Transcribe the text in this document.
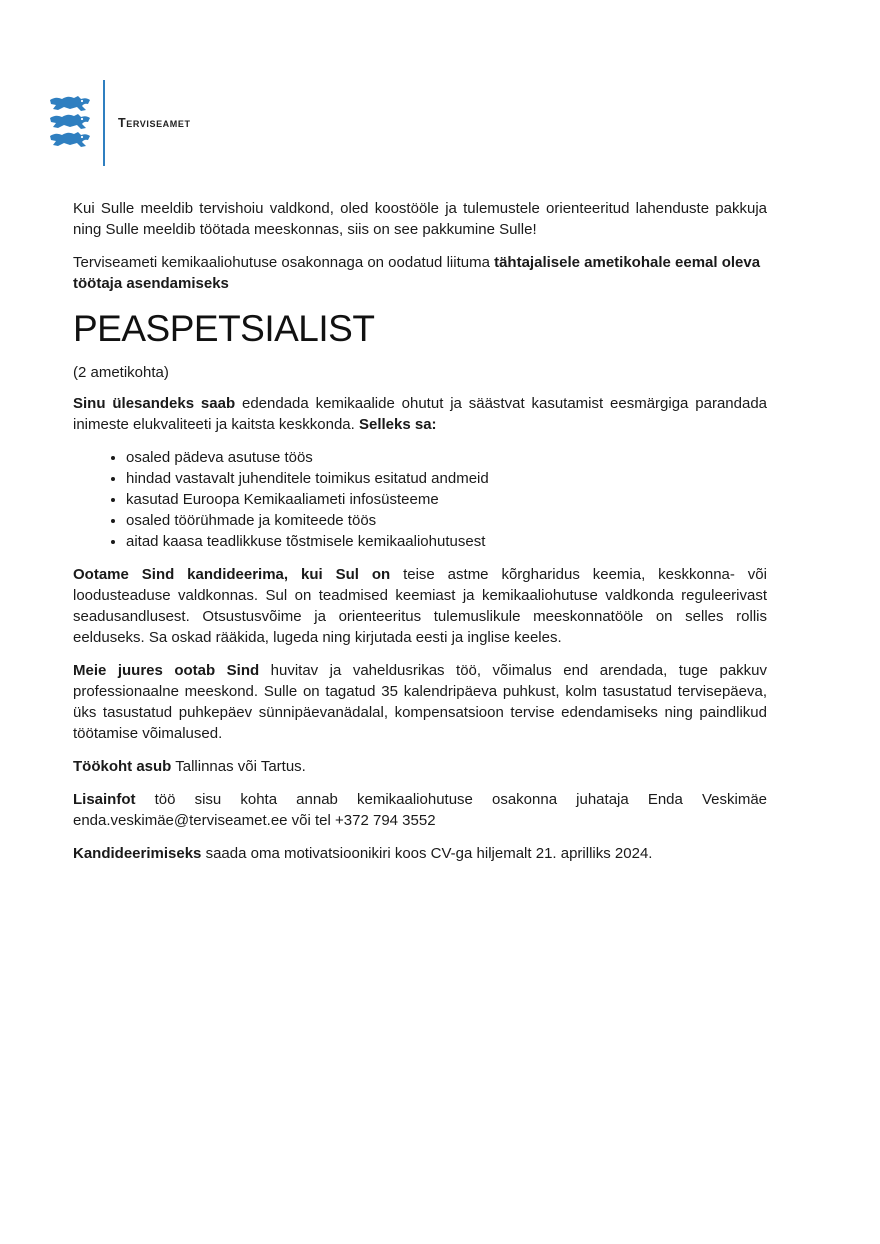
Terviseamet

Kui Sulle meeldib tervishoiu valdkond, oled koostööle ja tulemustele orienteeritud lahenduste pakkuja ning Sulle meeldib töötada meeskonnas, siis on see pakkumine Sulle!

Terviseameti kemikaaliohutuse osakonnaga on oodatud liituma tähtajalisele ametikohale eemal oleva töötaja asendamiseks

PEASPETSIALIST

(2 ametikohta)

Sinu ülesandeks saab edendada kemikaalide ohutut ja säästvat kasutamist eesmärgiga parandada inimeste elukvaliteeti ja kaitsta keskkonda. Selleks sa:

• osaled pädeva asutuse töös
• hindad vastavalt juhenditele toimikus esitatud andmeid
• kasutad Euroopa Kemikaaliameti infosüsteeme
• osaled töörühmade ja komiteede töös
• aitad kaasa teadlikkuse tõstmisele kemikaaliohutusest

Ootame Sind kandideerima, kui Sul on teise astme kõrgharidus keemia, keskkonna- või loodusteaduse valdkonnas. Sul on teadmised keemiast ja kemikaaliohutuse valdkonda reguleerivast seadusandlusest. Otsustusvõime ja orienteeritus tulemuslikule meeskonnatööle on selles rollis eelduseks. Sa oskad rääkida, lugeda ning kirjutada eesti ja inglise keeles.

Meie juures ootab Sind huvitav ja vaheldusrikas töö, võimalus end arendada, tuge pakkuv professionaalne meeskond. Sulle on tagatud 35 kalendripäeva puhkust, kolm tasustatud tervisepäeva, üks tasustatud puhkepäev sünnipäevanädalal, kompensatsioon tervise edendamiseks ning paindlikud töötamise võimalused.

Töökoht asub Tallinnas või Tartus.

Lisainfot töö sisu kohta annab kemikaaliohutuse osakonna juhataja Enda Veskimäe enda.veskimäe@terviseamet.ee või tel +372 794 3552

Kandideerimiseks saada oma motivatsioonikiri koos CV-ga hiljemalt 21. aprilliks 2024.
